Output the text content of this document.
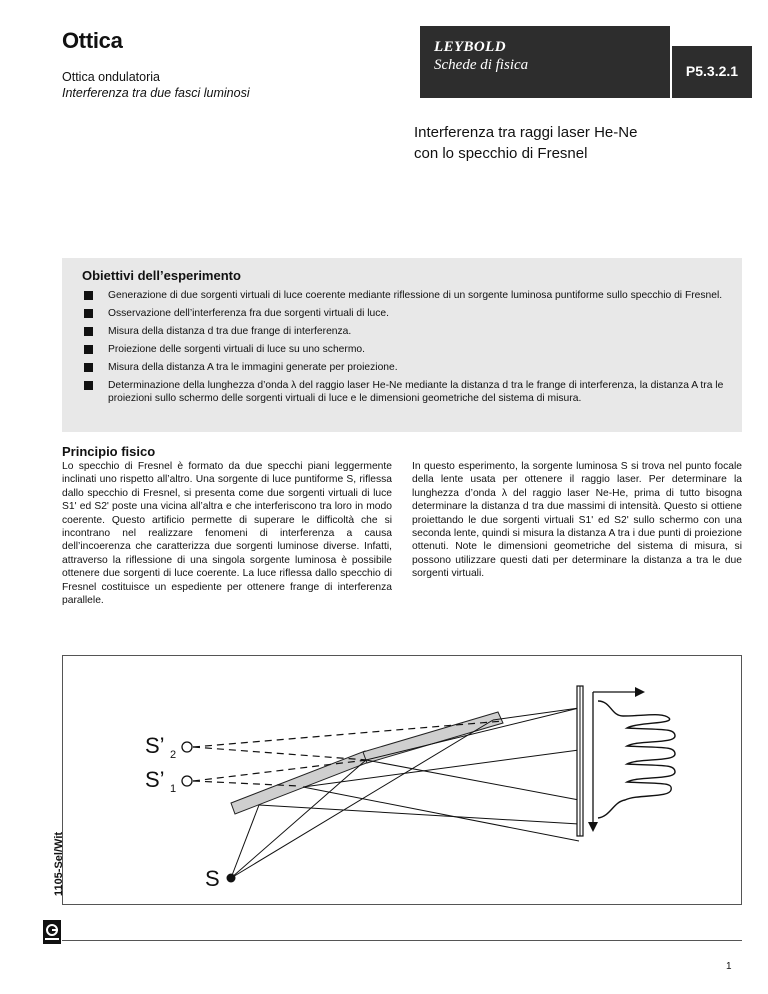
Ottica
Ottica ondulatoria
Interferenza tra due fasci luminosi
LEYBOLD
Schede di fisica	P5.3.2.1
Interferenza tra raggi laser He-Ne
con lo specchio di Fresnel
Obiettivi dell’esperimento
Generazione di due sorgenti virtuali di luce coerente mediante riflessione di un sorgente luminosa puntiforme sullo specchio di Fresnel.
Osservazione dell’interferenza fra due sorgenti virtuali di luce.
Misura della distanza d tra due frange di interferenza.
Proiezione delle sorgenti virtuali di luce su uno schermo.
Misura della distanza A tra le immagini generate per proiezione.
Determinazione della lunghezza d’onda λ del raggio laser He-Ne mediante la distanza d tra le frange di interferenza, la distanza A tra le proiezioni sullo schermo delle sorgenti virtuali di luce e le dimensioni geometriche del sistema di misura.
Principio fisico
Lo specchio di Fresnel è formato da due specchi piani leggermente inclinati uno rispetto all’altro. Una sorgente di luce puntiforme S, riflessa dallo specchio di Fresnel, si presenta come due sorgenti virtuali di luce S1' ed S2' poste una vicina all’altra e che interferiscono tra loro in modo coerente. Questo artificio permette di superare le difficoltà che si incontrano nel realizzare fenomeni di interferenza a causa dell’incoerenza che caratterizza due sorgenti luminose diverse. Infatti, attraverso la riflessione di una singola sorgente luminosa è possibile ottenere due sorgenti di luce coerente. La luce riflessa dallo specchio di Fresnel costituisce un espediente per ottenere frange di interferenza parallele.
In questo esperimento, la sorgente luminosa S si trova nel punto focale della lente usata per ottenere il raggio laser. Per determinare la lunghezza d’onda λ del raggio laser Ne-He, prima di tutto bisogna determinare la distanza d tra due massimi di intensità. Questo si ottiene proiettando le due sorgenti virtuali S1' ed S2' sullo schermo con una seconda lente, quindi si misura la distanza A tra i due punti di proiezione ottenuti. Note le dimensioni geometriche del sistema di misura, si possono utilizzare questi dati per determinare la distanza a tra le due sorgenti virtuali.
S’ 2
S’ 1
S
1105-Sel/Wit
1
